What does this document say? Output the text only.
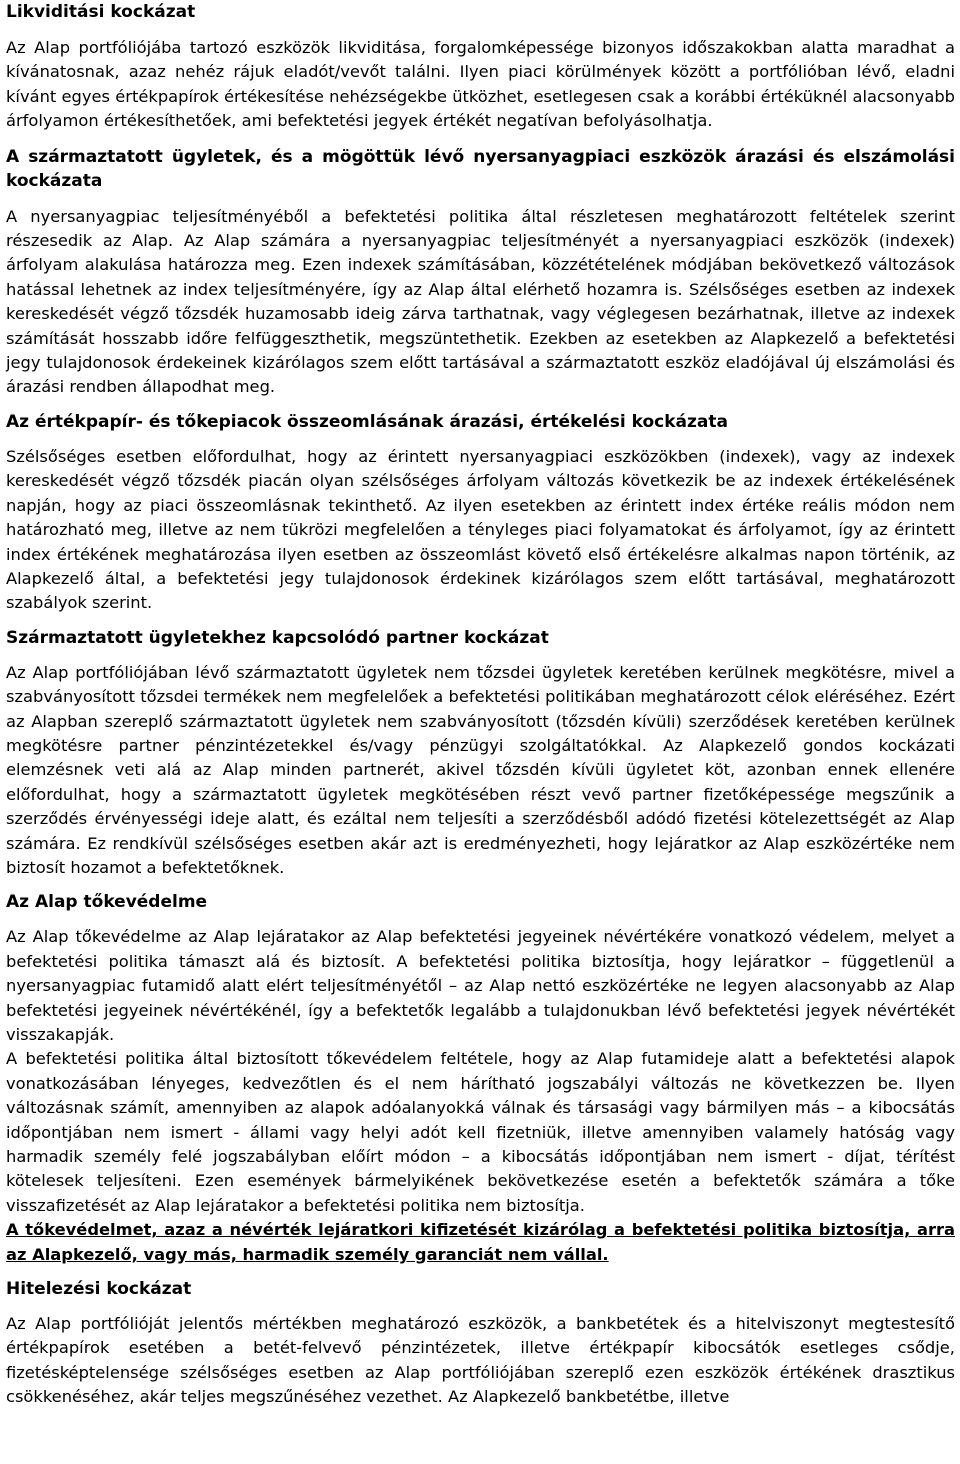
Likviditási kockázat

Az Alap portfóliójába tartozó eszközök likviditása, forgalomképessége bizonyos időszakokban alatta maradhat a kívánatosnak, azaz nehéz rájuk eladót/vevőt találni. Ilyen piaci körülmények között a portfólióban lévő, eladni kívánt egyes értékpapírok értékesítése nehézségekbe ütközhet, esetlegesen csak a korábbi értéküknél alacsonyabb árfolyamon értékesíthetőek, ami befektetési jegyek értékét negatívan befolyásolhatja.

A származtatott ügyletek, és a mögöttük lévő nyersanyagpiaci eszközök árazási és elszámolási kockázata

A nyersanyagpiac teljesítményéből a befektetési politika által részletesen meghatározott feltételek szerint részesedik az Alap. Az Alap számára a nyersanyagpiac teljesítményét a nyersanyagpiaci eszközök (indexek) árfolyam alakulása határozza meg. Ezen indexek számításában, közzétételének módjában bekövetkező változások hatással lehetnek az index teljesítményére, így az Alap által elérhető hozamra is. Szélsőséges esetben az indexek kereskedését végző tőzsdék huzamosabb ideig zárva tarthatnak, vagy véglegesen bezárhatnak, illetve az indexek számítását hosszabb időre felfüggeszthetik, megszüntethetik. Ezekben az esetekben az Alapkezelő a befektetési jegy tulajdonosok érdekeinek kizárólagos szem előtt tartásával a származtatott eszköz eladójával új elszámolási és árazási rendben állapodhat meg.

Az értékpapír- és tőkepiacok összeomlásának árazási, értékelési kockázata

Szélsőséges esetben előfordulhat, hogy az érintett nyersanyagpiaci eszközökben (indexek), vagy az indexek kereskedését végző tőzsdék piacán olyan szélsőséges árfolyam változás következik be az indexek értékelésének napján, hogy az piaci összeomlásnak tekinthető. Az ilyen esetekben az érintett index értéke reális módon nem határozható meg, illetve az nem tükrözi megfelelően a tényleges piaci folyamatokat és árfolyamot, így az érintett index értékének meghatározása ilyen esetben az összeomlást követő első értékelésre alkalmas napon történik, az Alapkezelő által, a befektetési jegy tulajdonosok érdekinek kizárólagos szem előtt tartásával, meghatározott szabályok szerint.

Származtatott ügyletekhez kapcsolódó partner kockázat

Az Alap portfóliójában lévő származtatott ügyletek nem tőzsdei ügyletek keretében kerülnek megkötésre, mivel a szabványosított tőzsdei termékek nem megfelelőek a befektetési politikában meghatározott célok eléréséhez. Ezért az Alapban szereplő származtatott ügyletek nem szabványosított (tőzsdén kívüli) szerződések keretében kerülnek megkötésre partner pénzintézetekkel és/vagy pénzügyi szolgáltatókkal. Az Alapkezelő gondos kockázati elemzésnek veti alá az Alap minden partnerét, akivel tőzsdén kívüli ügyletet köt, azonban ennek ellenére előfordulhat, hogy a származtatott ügyletek megkötésében részt vevő partner fizetőképessége megszűnik a szerződés érvényességi ideje alatt, és ezáltal nem teljesíti a szerződésből adódó fizetési kötelezettségét az Alap számára. Ez rendkívül szélsőséges esetben akár azt is eredményezheti, hogy lejáratkor az Alap eszközértéke nem biztosít hozamot a befektetőknek.

Az Alap tőkevédelme

Az Alap tőkevédelme az Alap lejáratakor az Alap befektetési jegyeinek névértékére vonatkozó védelem, melyet a befektetési politika támaszt alá és biztosít. A befektetési politika biztosítja, hogy lejáratkor – függetlenül a nyersanyagpiac futamidő alatt elért teljesítményétől – az Alap nettó eszközértéke ne legyen alacsonyabb az Alap befektetési jegyeinek névértékénél, így a befektetők legalább a tulajdonukban lévő befektetési jegyek névértékét visszakapják.

A befektetési politika által biztosított tőkevédelem feltétele, hogy az Alap futamideje alatt a befektetési alapok vonatkozásában lényeges, kedvezőtlen és el nem hárítható jogszabályi változás ne következzen be. Ilyen változásnak számít, amennyiben az alapok adóalanyokká válnak és társasági vagy bármilyen más – a kibocsátás időpontjában nem ismert - állami vagy helyi adót kell fizetniük, illetve amennyiben valamely hatóság vagy harmadik személy felé jogszabályban előírt módon – a kibocsátás időpontjában nem ismert - díjat, térítést kötelesek teljesíteni. Ezen események bármelyikének bekövetkezése esetén a befektetők számára a tőke visszafizetését az Alap lejáratakor a befektetési politika nem biztosítja.

A tőkevédelmet, azaz a névérték lejáratkori kifizetését kizárólag a befektetési politika biztosítja, arra az Alapkezelő, vagy más, harmadik személy garanciát nem vállal.

Hitelezési kockázat

Az Alap portfólióját jelentős mértékben meghatározó eszközök, a bankbetétek és a hitelviszonyt megtestesítő értékpapírok esetében a betét-felvevő pénzintézetek, illetve értékpapír kibocsátók esetleges csődje, fizetésképtelensége szélsőséges esetben az Alap portfóliójában szereplő ezen eszközök értékének drasztikus csökkenéséhez, akár teljes megszűnéséhez vezethet. Az Alapkezelő bankbetétbe, illetve
